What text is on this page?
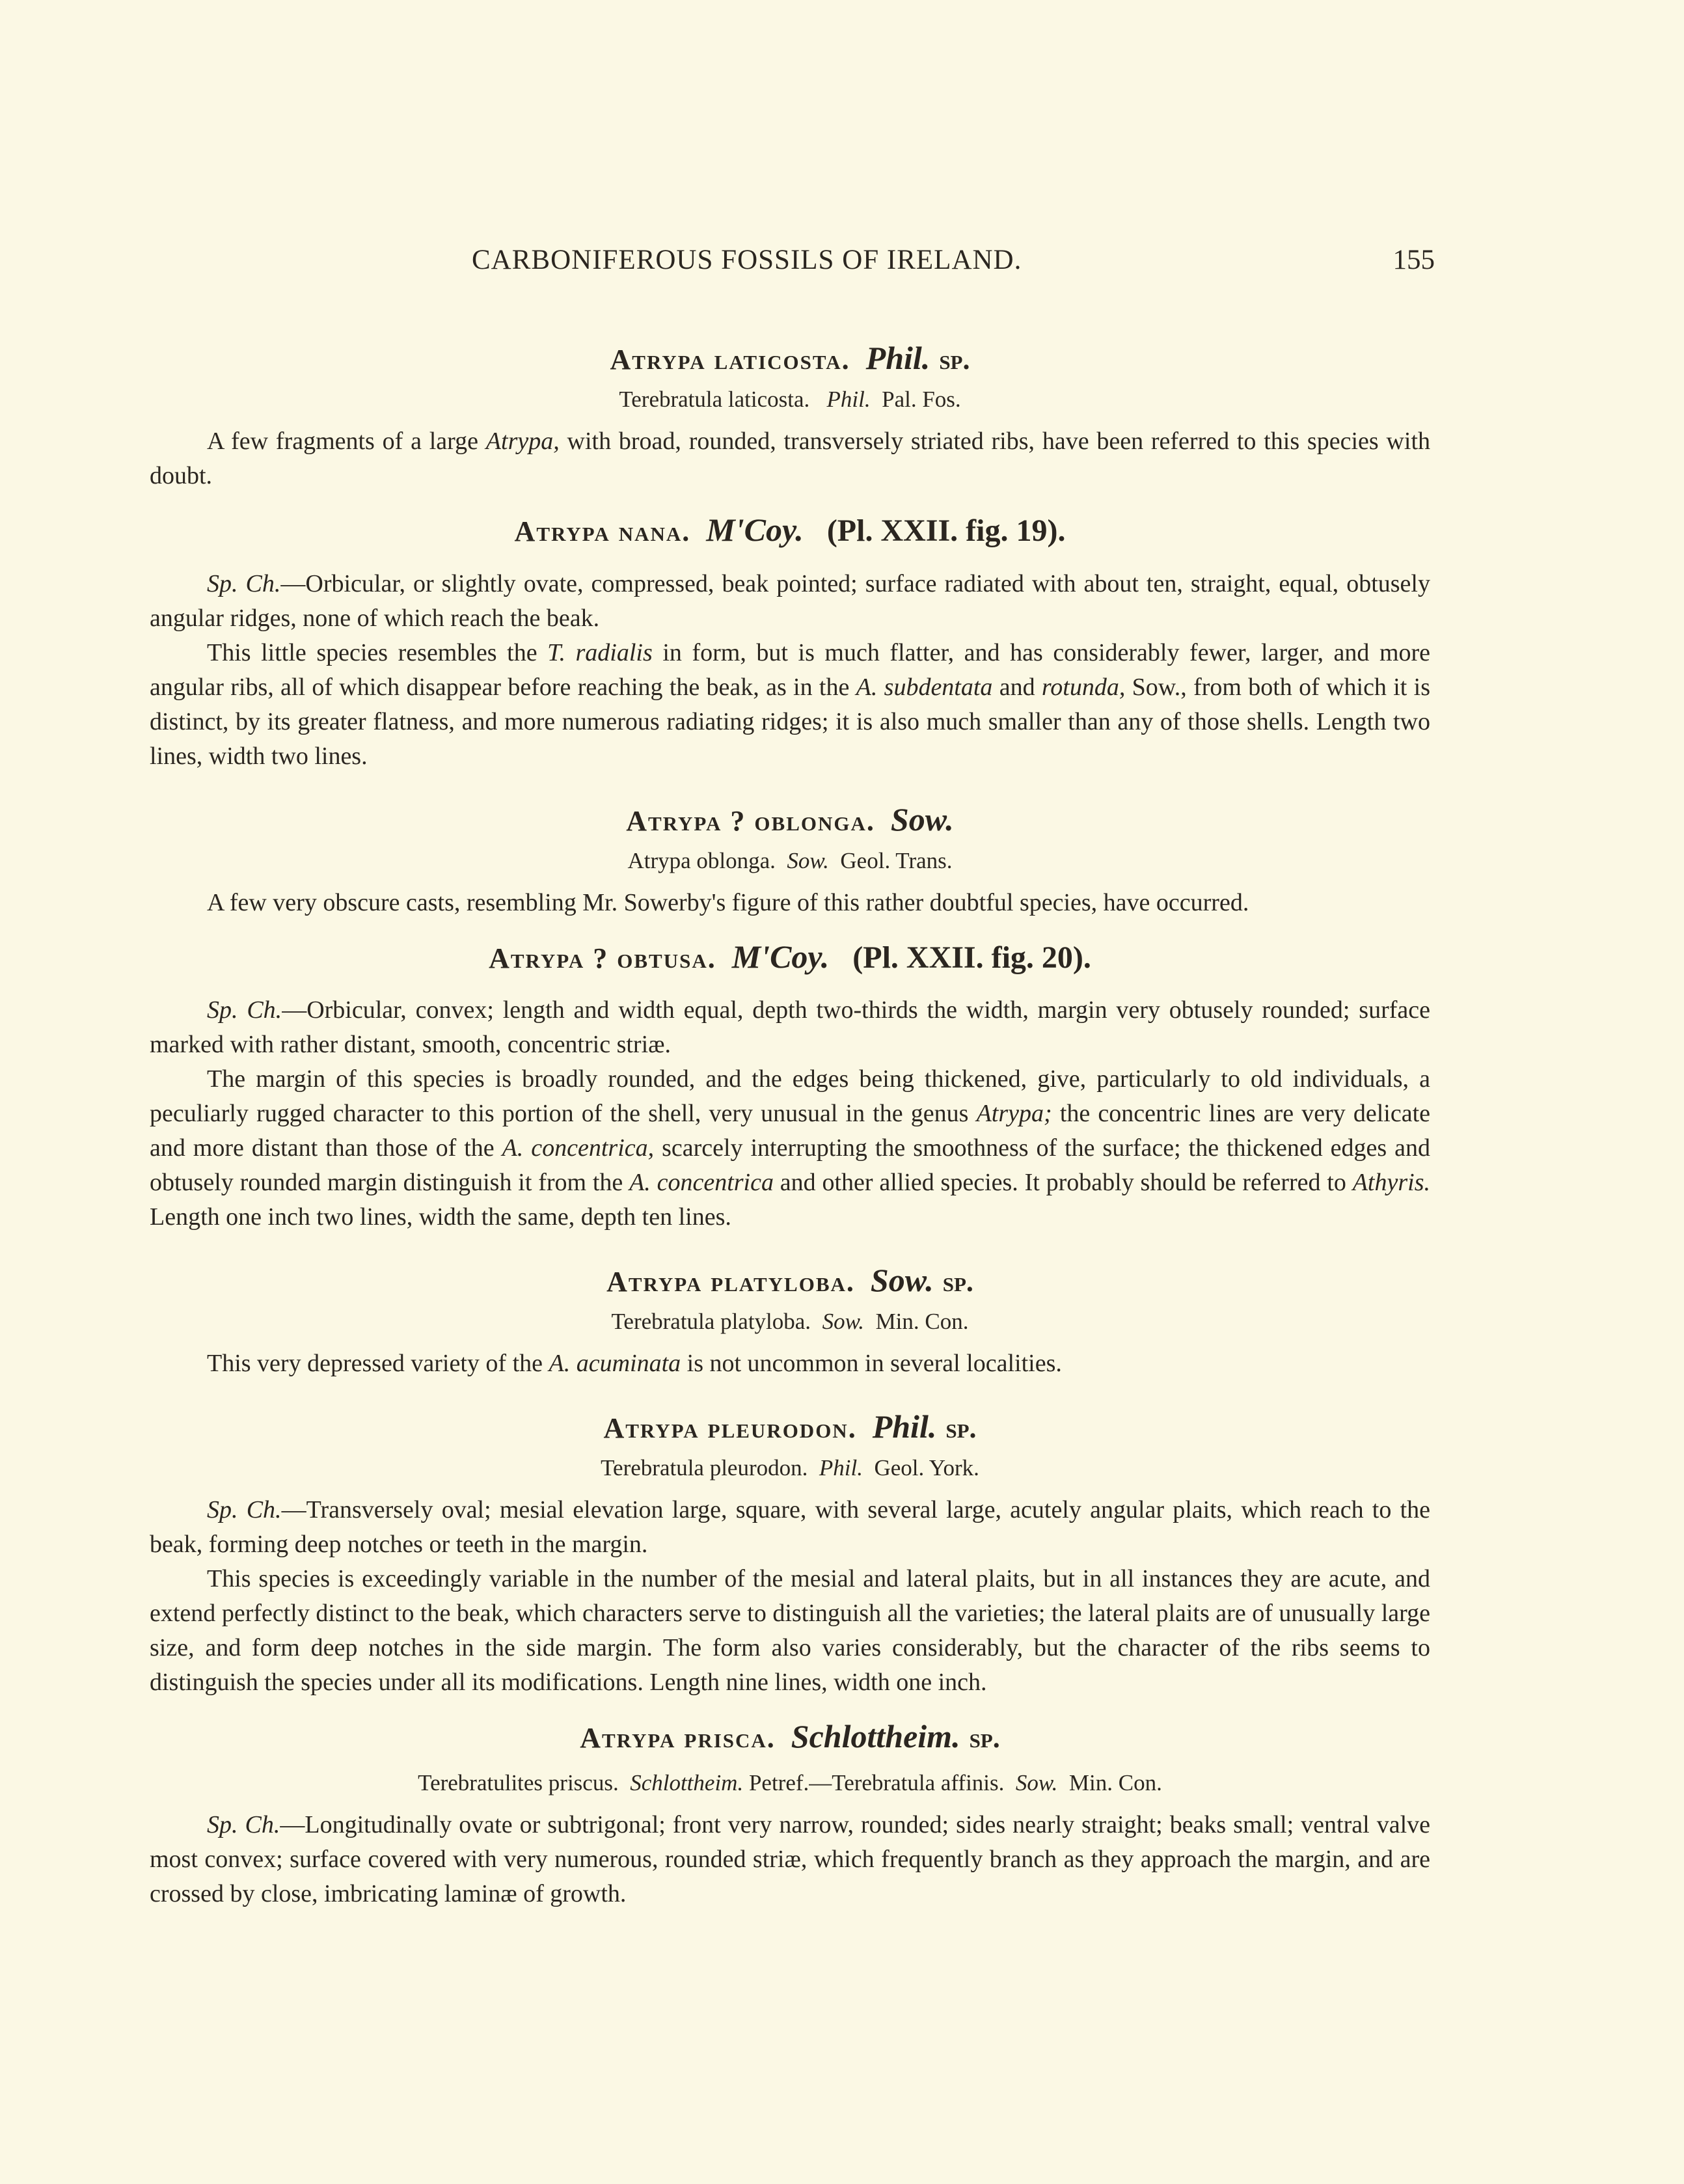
CARBONIFEROUS FOSSILS OF IRELAND.	155
Atrypa laticosta. Phil. sp.
Terebratula laticosta. Phil. Pal. Fos.

A few fragments of a large Atrypa, with broad, rounded, transversely striated ribs, have been referred to this species with doubt.

Atrypa nana. M'Coy. (Pl. XXII. fig. 19).

Sp. Ch.—Orbicular, or slightly ovate, compressed, beak pointed; surface radiated with about ten, straight, equal, obtusely angular ridges, none of which reach the beak.

This little species resembles the T. radialis in form, but is much flatter, and has considerably fewer, larger, and more angular ribs, all of which disappear before reaching the beak, as in the A. subdentata and rotunda, Sow., from both of which it is distinct, by its greater flatness, and more numerous radiating ridges; it is also much smaller than any of those shells. Length two lines, width two lines.

Atrypa ? oblonga. Sow.
Atrypa oblonga. Sow. Geol. Trans.

A few very obscure casts, resembling Mr. Sowerby's figure of this rather doubtful species, have occurred.

Atrypa ? obtusa. M'Coy. (Pl. XXII. fig. 20).

Sp. Ch.—Orbicular, convex; length and width equal, depth two-thirds the width, margin very obtusely rounded; surface marked with rather distant, smooth, concentric striæ.

The margin of this species is broadly rounded, and the edges being thickened, give, particularly to old individuals, a peculiarly rugged character to this portion of the shell, very unusual in the genus Atrypa; the concentric lines are very delicate and more distant than those of the A. concentrica, scarcely interrupting the smoothness of the surface; the thickened edges and obtusely rounded margin distinguish it from the A. concentrica and other allied species. It probably should be referred to Athyris. Length one inch two lines, width the same, depth ten lines.

Atrypa platyloba. Sow. sp.
Terebratula platyloba. Sow. Min. Con.

This very depressed variety of the A. acuminata is not uncommon in several localities.

Atrypa pleurodon. Phil. sp.
Terebratula pleurodon. Phil. Geol. York.

Sp. Ch.—Transversely oval; mesial elevation large, square, with several large, acutely angular plaits, which reach to the beak, forming deep notches or teeth in the margin.

This species is exceedingly variable in the number of the mesial and lateral plaits, but in all instances they are acute, and extend perfectly distinct to the beak, which characters serve to distinguish all the varieties; the lateral plaits are of unusually large size, and form deep notches in the side margin. The form also varies considerably, but the character of the ribs seems to distinguish the species under all its modifications. Length nine lines, width one inch.

Atrypa prisca. Schlottheim. sp.
Terebratulites priscus. Schlottheim. Petref.—Terebratula affinis. Sow. Min. Con.

Sp. Ch.—Longitudinally ovate or subtrigonal; front very narrow, rounded; sides nearly straight; beaks small; ventral valve most convex; surface covered with very numerous, rounded striæ, which frequently branch as they approach the margin, and are crossed by close, imbricating laminæ of growth.
